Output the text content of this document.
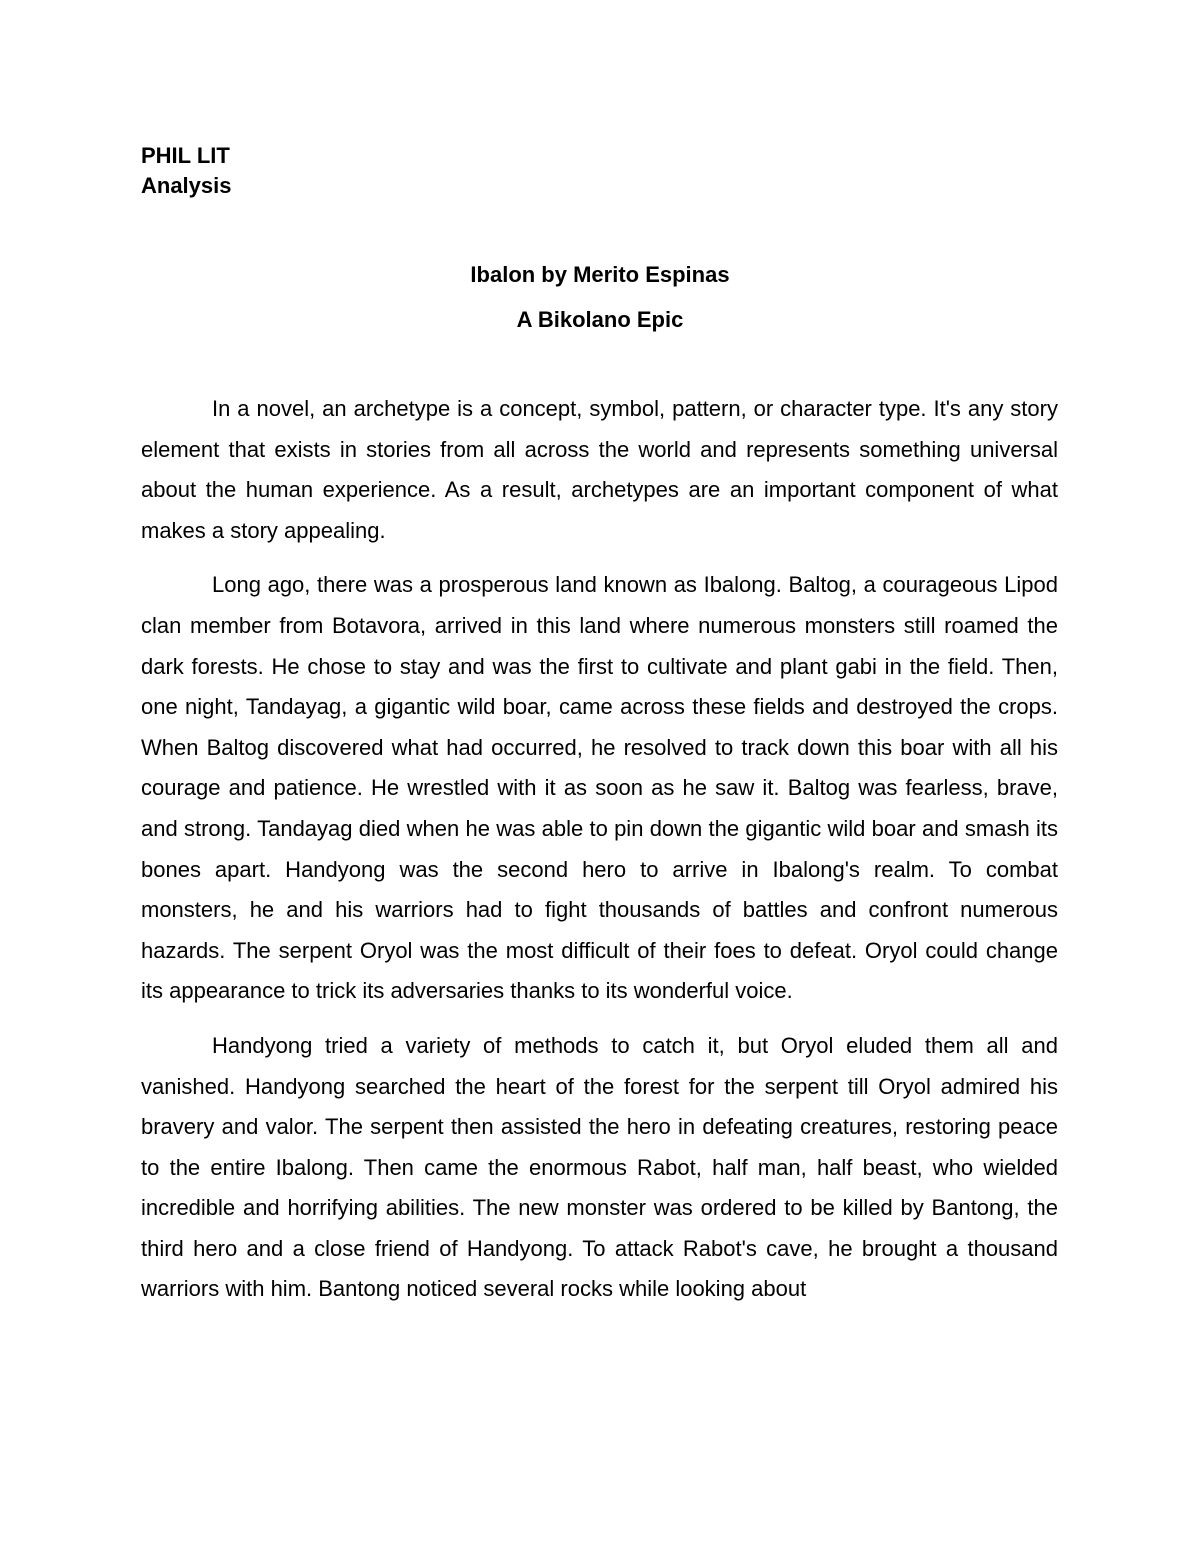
PHIL LIT
Analysis
Ibalon by Merito Espinas
A Bikolano Epic

In a novel, an archetype is a concept, symbol, pattern, or character type. It's any story element that exists in stories from all across the world and represents something universal about the human experience. As a result, archetypes are an important component of what makes a story appealing.

Long ago, there was a prosperous land known as Ibalong. Baltog, a courageous Lipod clan member from Botavora, arrived in this land where numerous monsters still roamed the dark forests. He chose to stay and was the first to cultivate and plant gabi in the field. Then, one night, Tandayag, a gigantic wild boar, came across these fields and destroyed the crops. When Baltog discovered what had occurred, he resolved to track down this boar with all his courage and patience. He wrestled with it as soon as he saw it. Baltog was fearless, brave, and strong. Tandayag died when he was able to pin down the gigantic wild boar and smash its bones apart. Handyong was the second hero to arrive in Ibalong's realm. To combat monsters, he and his warriors had to fight thousands of battles and confront numerous hazards. The serpent Oryol was the most difficult of their foes to defeat. Oryol could change its appearance to trick its adversaries thanks to its wonderful voice.

Handyong tried a variety of methods to catch it, but Oryol eluded them all and vanished. Handyong searched the heart of the forest for the serpent till Oryol admired his bravery and valor. The serpent then assisted the hero in defeating creatures, restoring peace to the entire Ibalong. Then came the enormous Rabot, half man, half beast, who wielded incredible and horrifying abilities. The new monster was ordered to be killed by Bantong, the third hero and a close friend of Handyong. To attack Rabot's cave, he brought a thousand warriors with him. Bantong noticed several rocks while looking about
